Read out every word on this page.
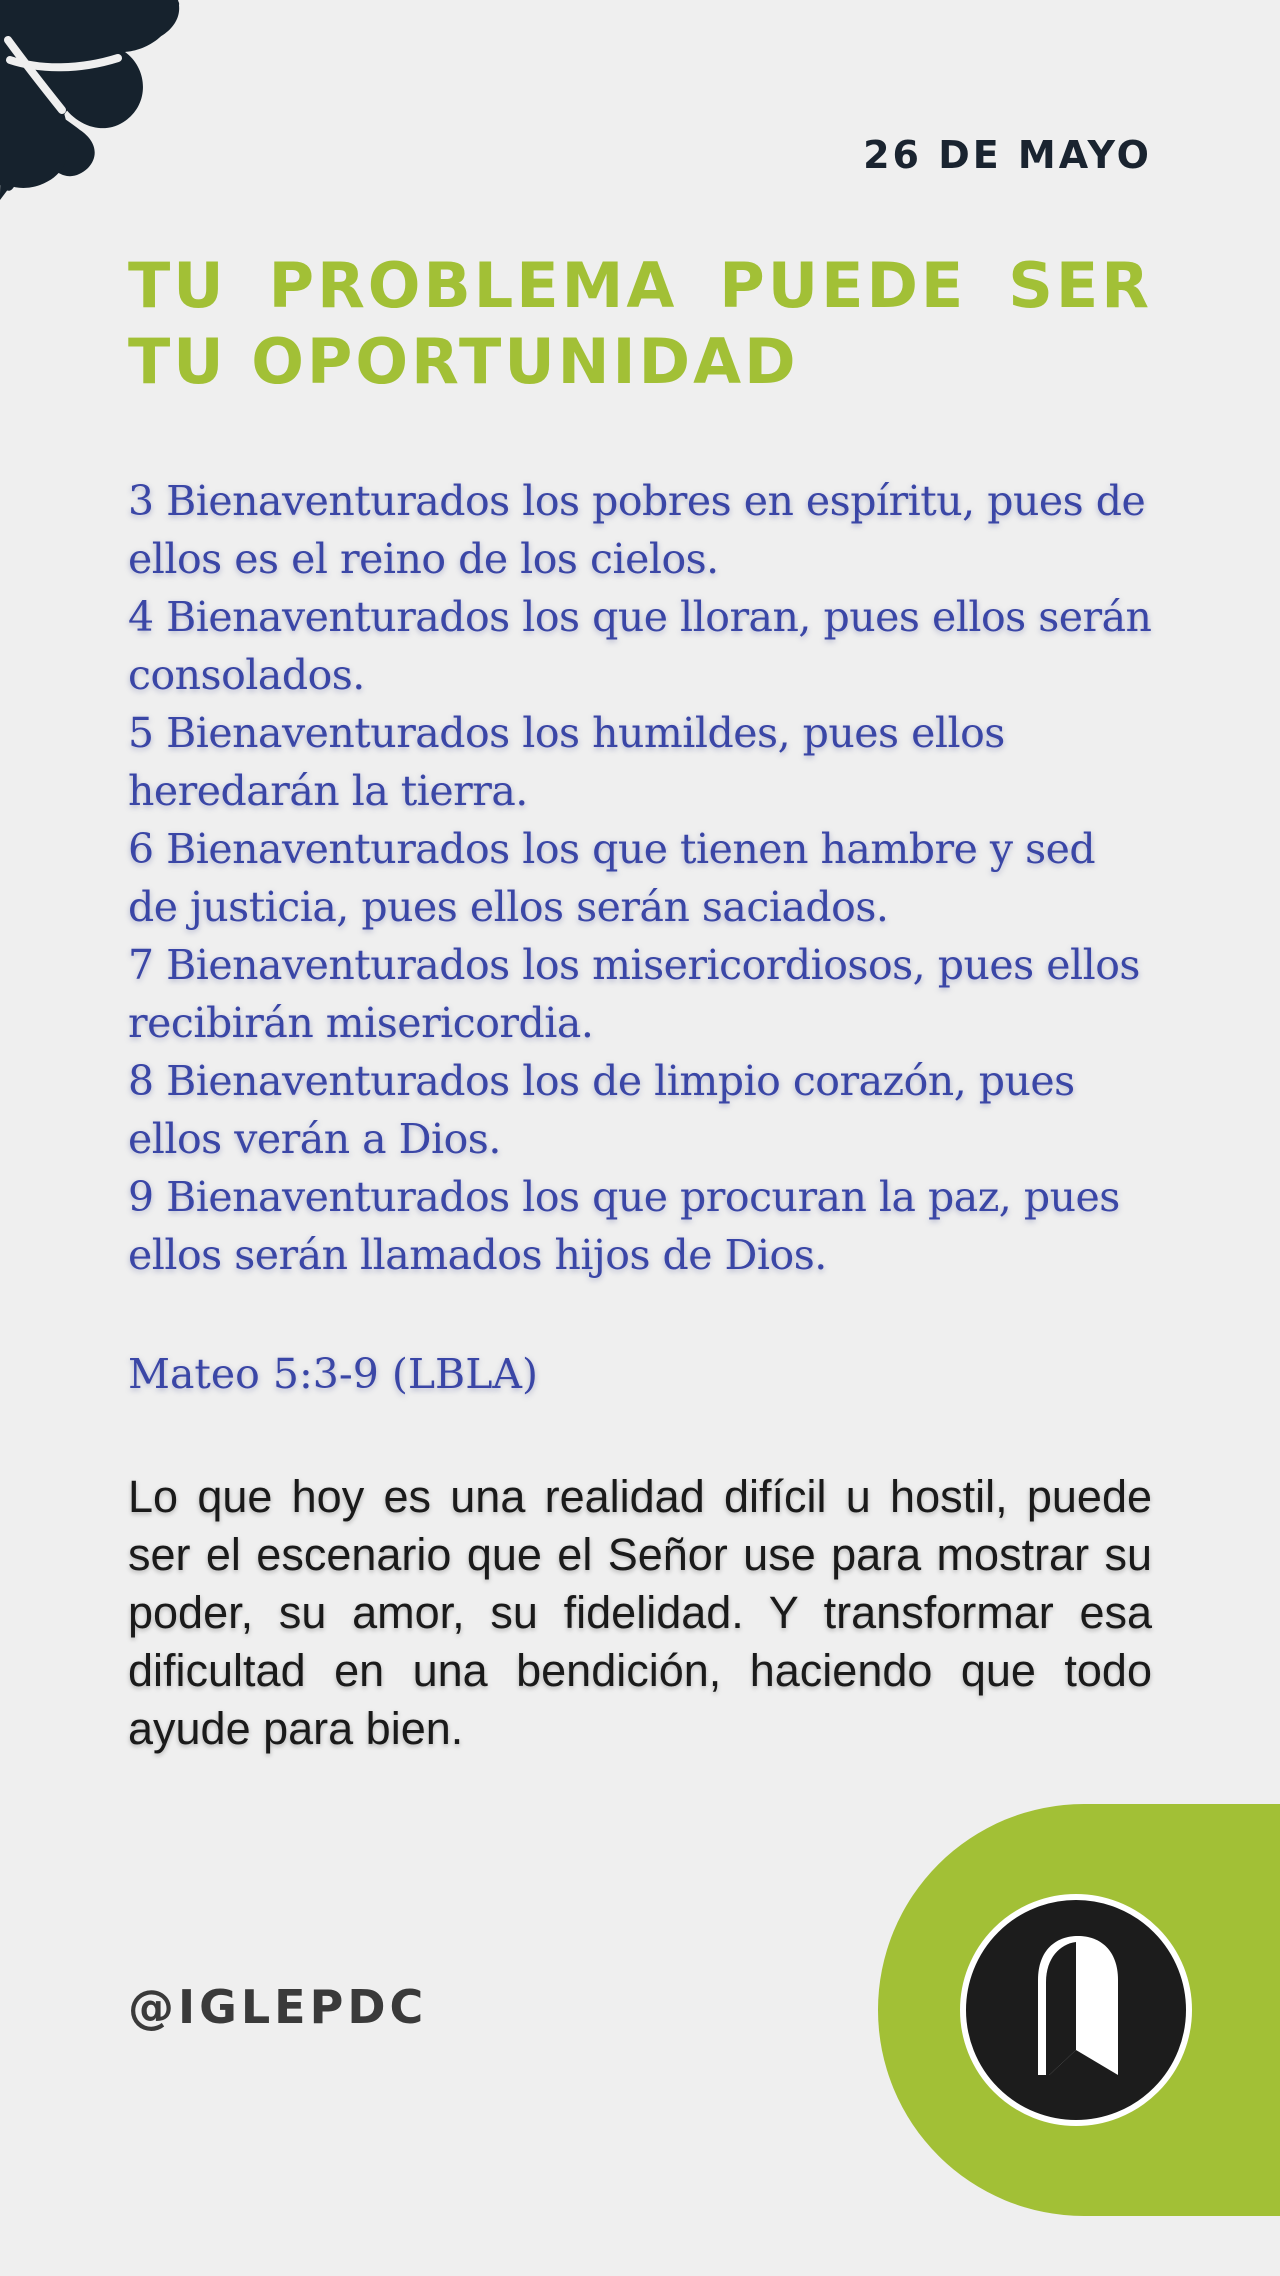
26 DE MAYO
TU PROBLEMA PUEDE SER
TU OPORTUNIDAD
3 Bienaventurados los pobres en espíritu, pues de ellos es el reino de los cielos.
4 Bienaventurados los que lloran, pues ellos serán consolados.
5 Bienaventurados los humildes, pues ellos heredarán la tierra.
6 Bienaventurados los que tienen hambre y sed de justicia, pues ellos serán saciados.
7 Bienaventurados los misericordiosos, pues ellos recibirán misericordia.
8 Bienaventurados los de limpio corazón, pues ellos verán a Dios.
9 Bienaventurados los que procuran la paz, pues ellos serán llamados hijos de Dios.
Mateo 5:3-9 (LBLA)
Lo que hoy es una realidad difícil u hostil, puede ser el escenario que el Señor use para mostrar su poder, su amor, su fidelidad. Y transformar esa dificultad en una bendición, haciendo que todo ayude para bien.
@IGLEPDC
